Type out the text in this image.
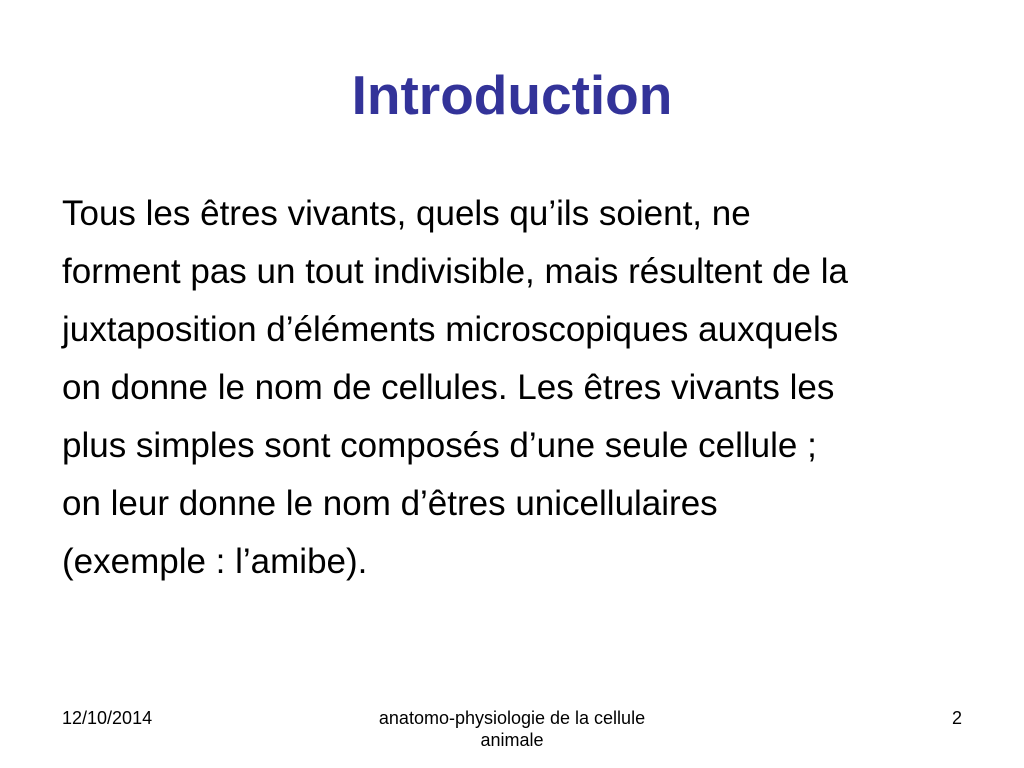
Introduction
Tous les êtres vivants, quels qu’ils soient, ne
forment pas un tout indivisible, mais résultent de la
juxtaposition d’éléments microscopiques auxquels
on donne le nom de cellules. Les êtres vivants les
plus simples sont composés d’une seule cellule ;
on leur donne le nom d’êtres unicellulaires
(exemple : l’amibe).
12/10/2014	anatomo-physiologie de la cellule
animale
2
